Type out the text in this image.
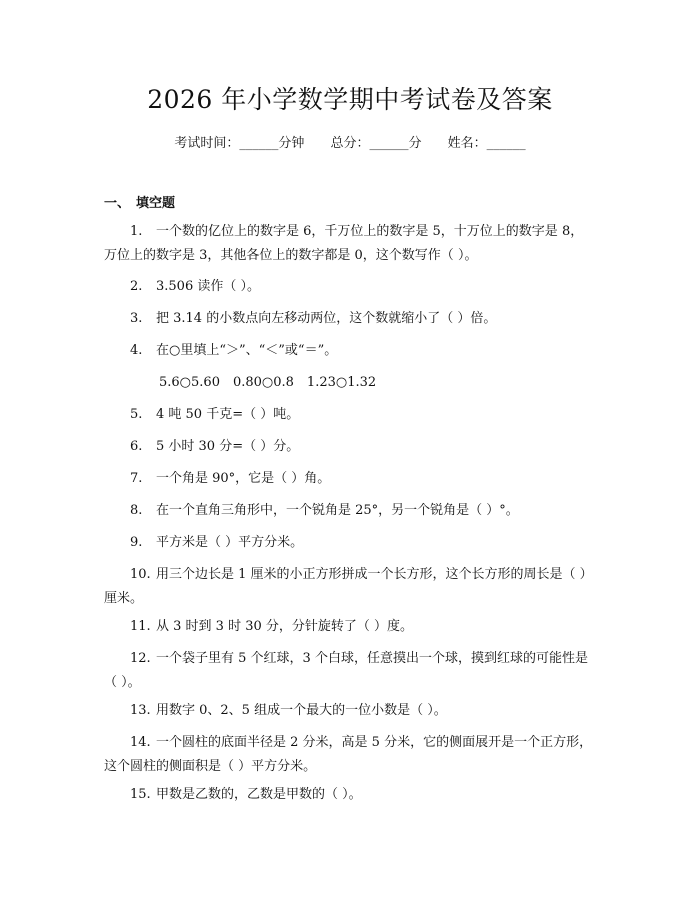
2026 年小学数学期中考试卷及答案
考试时间：______分钟 总分：______分 姓名：______
一、 填空题
1. 一个数的亿位上的数字是 6，千万位上的数字是 5，十万位上的数字是 8，万位上的数字是 3，其他各位上的数字都是 0，这个数写作（ ）。
2. 3.506 读作（ ）。
3. 把 3.14 的小数点向左移动两位，这个数就缩小了（ ）倍。
4. 在○里填上“＞”、“＜”或“＝”。
5.6○5.60　0.80○0.8　1.23○1.32
5. 4 吨 50 千克=（ ）吨。
6. 5 小时 30 分=（ ）分。
7. 一个角是 90°，它是（ ）角。
8. 在一个直角三角形中，一个锐角是 25°，另一个锐角是（ ）°。
9. 平方米是（ ）平方分米。
10. 用三个边长是 1 厘米的小正方形拼成一个长方形，这个长方形的周长是（ ）厘米。
11. 从 3 时到 3 时 30 分，分针旋转了（ ）度。
12. 一个袋子里有 5 个红球，3 个白球，任意摸出一个球，摸到红球的可能性是（ ）。
13. 用数字 0、2、5 组成一个最大的一位小数是（ ）。
14. 一个圆柱的底面半径是 2 分米，高是 5 分米，它的侧面展开是一个正方形，这个圆柱的侧面积是（ ）平方分米。
15. 甲数是乙数的，乙数是甲数的（ ）。
